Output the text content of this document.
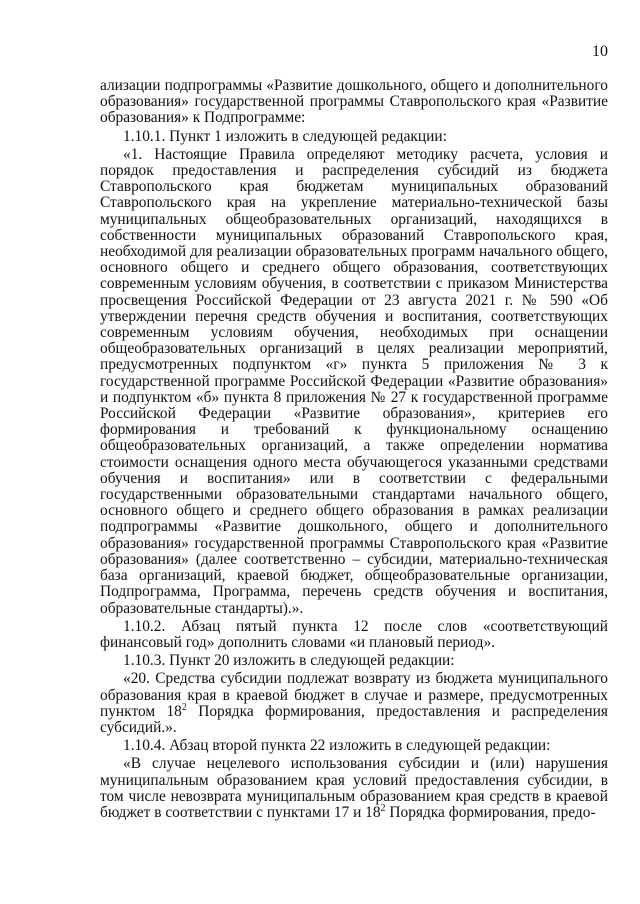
10

ализации подпрограммы «Развитие дошкольного, общего и дополнительного образования» государственной программы Ставропольского края «Развитие образования» к Подпрограмме:

1.10.1. Пункт 1 изложить в следующей редакции:

«1. Настоящие Правила определяют методику расчета, условия и порядок предоставления и распределения субсидий из бюджета Ставропольского края бюджетам муниципальных образований Ставропольского края на укрепление материально-технической базы муниципальных общеобразовательных организаций, находящихся в собственности муниципальных образований Ставропольского края, необходимой для реализации образовательных программ начального общего, основного общего и среднего общего образования, соответствующих современным условиям обучения, в соответствии с приказом Министерства просвещения Российской Федерации от 23 августа 2021 г. № 590 «Об утверждении перечня средств обучения и воспитания, соответствующих современным условиям обучения, необходимых при оснащении общеобразовательных организаций в целях реализации мероприятий, предусмотренных подпунктом «г» пункта 5 приложения № 3 к государственной программе Российской Федерации «Развитие образования» и подпунктом «б» пункта 8 приложения № 27 к государственной программе Российской Федерации «Развитие образования», критериев его формирования и требований к функциональному оснащению общеобразовательных организаций, а также определении норматива стоимости оснащения одного места обучающегося указанными средствами обучения и воспитания» или в соответствии с федеральными государственными образовательными стандартами начального общего, основного общего и среднего общего образования в рамках реализации подпрограммы «Развитие дошкольного, общего и дополнительного образования» государственной программы Ставропольского края «Развитие образования» (далее соответственно – субсидии, материально-техническая база организаций, краевой бюджет, общеобразовательные организации, Подпрограмма, Программа, перечень средств обучения и воспитания, образовательные стандарты).».

1.10.2. Абзац пятый пункта 12 после слов «соответствующий финансовый год» дополнить словами «и плановый период».

1.10.3. Пункт 20 изложить в следующей редакции:

«20. Средства субсидии подлежат возврату из бюджета муниципального образования края в краевой бюджет в случае и размере, предусмотренных пунктом $18^2$ Порядка формирования, предоставления и распределения субсидий.».

1.10.4. Абзац второй пункта 22 изложить в следующей редакции:

«В случае нецелевого использования субсидии и (или) нарушения муниципальным образованием края условий предоставления субсидии, в том числе невозврата муниципальным образованием края средств в краевой бюджет в соответствии с пунктами 17 и $18^2$ Порядка формирования, предо-
